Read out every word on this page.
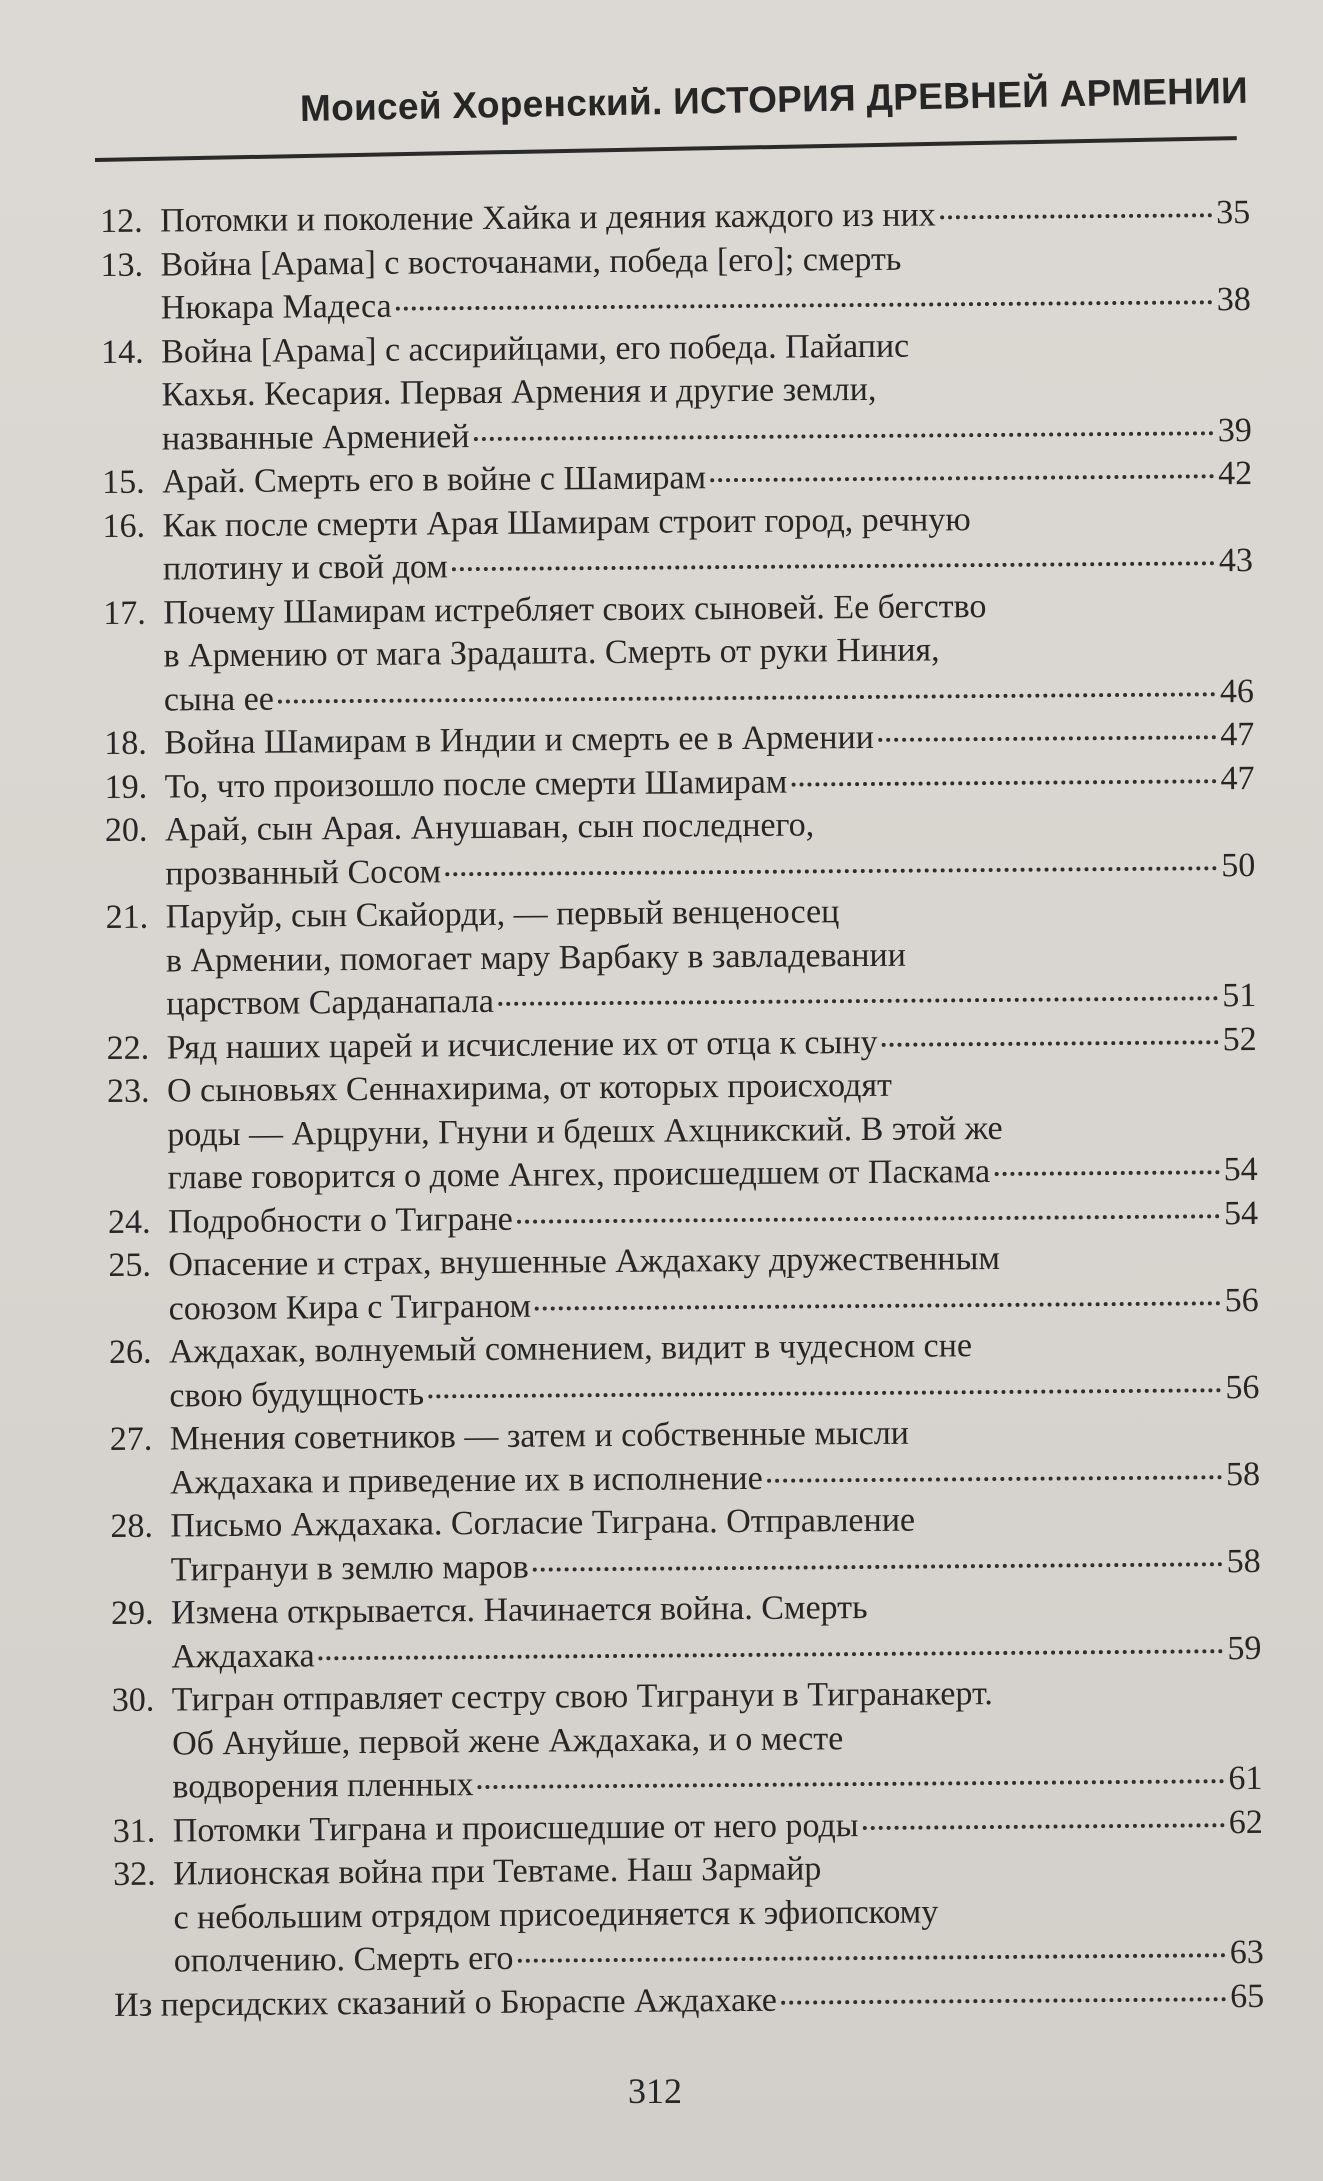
Моисей Хоренский. ИСТОРИЯ ДРЕВНЕЙ АРМЕНИИ
12. Потомки и поколение Хайка и деяния каждого из них	35
13. Война [Арама] с восточанами, победа [его]; смерть
Нюкара Мадеса	38
14. Война [Арама] с ассирийцами, его победа. Пайапис
Кахья. Кесария. Первая Армения и другие земли,
названные Арменией	39
15. Арай. Смерть его в войне с Шамирам	42
16. Как после смерти Арая Шамирам строит город, речную
плотину и свой дом	43
17. Почему Шамирам истребляет своих сыновей. Ее бегство
в Армению от мага Зрадашта. Смерть от руки Ниния,
сына ее	46
18. Война Шамирам в Индии и смерть ее в Армении	47
19. То, что произошло после смерти Шамирам	47
20. Арай, сын Арая. Анушаван, сын последнего,
прозванный Сосом	50
21. Паруйр, сын Скайорди, — первый венценосец
в Армении, помогает мару Варбаку в завладевании
царством Сарданапала	51
22. Ряд наших царей и исчисление их от отца к сыну	52
23. О сыновьях Сеннахирима, от которых происходят
роды — Арцруни, Гнуни и бдешх Ахцникский. В этой же
главе говорится о доме Ангех, происшедшем от Паскама	54
24. Подробности о Тигране	54
25. Опасение и страх, внушенные Аждахаку дружественным
союзом Кира с Тиграном	56
26. Аждахак, волнуемый сомнением, видит в чудесном сне
свою будущность	56
27. Мнения советников — затем и собственные мысли
Аждахака и приведение их в исполнение	58
28. Письмо Аждахака. Согласие Тиграна. Отправление
Тигрануи в землю маров	58
29. Измена открывается. Начинается война. Смерть
Аждахака	59
30. Тигран отправляет сестру свою Тигрануи в Тигранакерт.
Об Ануйше, первой жене Аждахака, и о месте
водворения пленных	61
31. Потомки Тиграна и происшедшие от него роды	62
32. Илионская война при Тевтаме. Наш Зармайр
с небольшим отрядом присоединяется к эфиопскому
ополчению. Смерть его	63
Из персидских сказаний о Бюраспе Аждахаке	65
312
